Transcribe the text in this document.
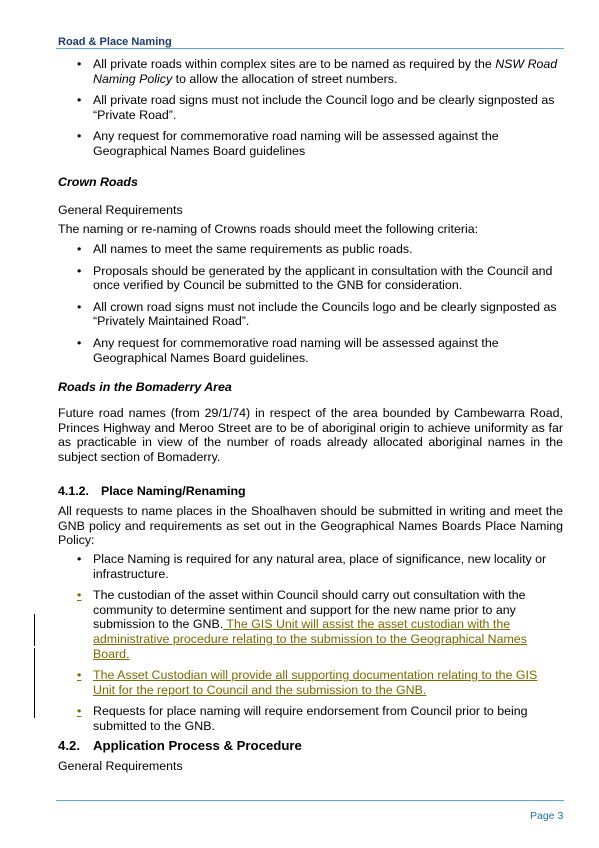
Road & Place Naming
• All private roads within complex sites are to be named as required by the NSW Road Naming Policy to allow the allocation of street numbers.
• All private road signs must not include the Council logo and be clearly signposted as “Private Road”.
• Any request for commemorative road naming will be assessed against the Geographical Names Board guidelines
Crown Roads
General Requirements
The naming or re-naming of Crowns roads should meet the following criteria:
• All names to meet the same requirements as public roads.
• Proposals should be generated by the applicant in consultation with the Council and once verified by Council be submitted to the GNB for consideration.
• All crown road signs must not include the Councils logo and be clearly signposted as “Privately Maintained Road”.
• Any request for commemorative road naming will be assessed against the Geographical Names Board guidelines.
Roads in the Bomaderry Area
Future road names (from 29/1/74) in respect of the area bounded by Cambewarra Road, Princes Highway and Meroo Street are to be of aboriginal origin to achieve uniformity as far as practicable in view of the number of roads already allocated aboriginal names in the subject section of Bomaderry.
4.1.2. Place Naming/Renaming
All requests to name places in the Shoalhaven should be submitted in writing and meet the GNB policy and requirements as set out in the Geographical Names Boards Place Naming Policy:
• Place Naming is required for any natural area, place of significance, new locality or infrastructure.
• The custodian of the asset within Council should carry out consultation with the community to determine sentiment and support for the new name prior to any submission to the GNB. The GIS Unit will assist the asset custodian with the administrative procedure relating to the submission to the Geographical Names Board.
• The Asset Custodian will provide all supporting documentation relating to the GIS Unit for the report to Council and the submission to the GNB.
• Requests for place naming will require endorsement from Council prior to being submitted to the GNB.
4.2. Application Process & Procedure
General Requirements
Page 3
